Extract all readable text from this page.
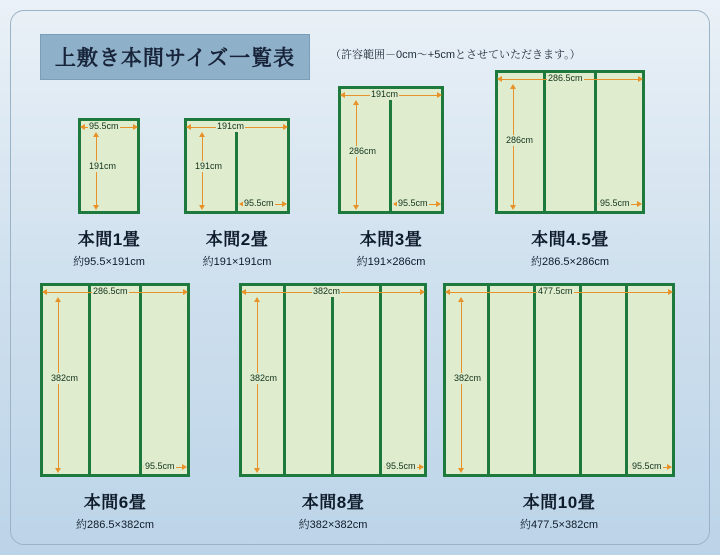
上敷き本間サイズ一覧表	（許容範囲－0cm～+5cmとさせていただきます。）
95.5cm
191cm
本間1畳
約95.5×191cm
191cm
191cm
95.5cm
本間2畳
約191×191cm
191cm
286cm
95.5cm
本間3畳
約191×286cm
286.5cm
286cm
95.5cm
本間4.5畳
約286.5×286cm
286.5cm
382cm
95.5cm
本間6畳
約286.5×382cm
382cm
382cm
95.5cm
本間8畳
約382×382cm
477.5cm
382cm
95.5cm
本間10畳
約477.5×382cm
